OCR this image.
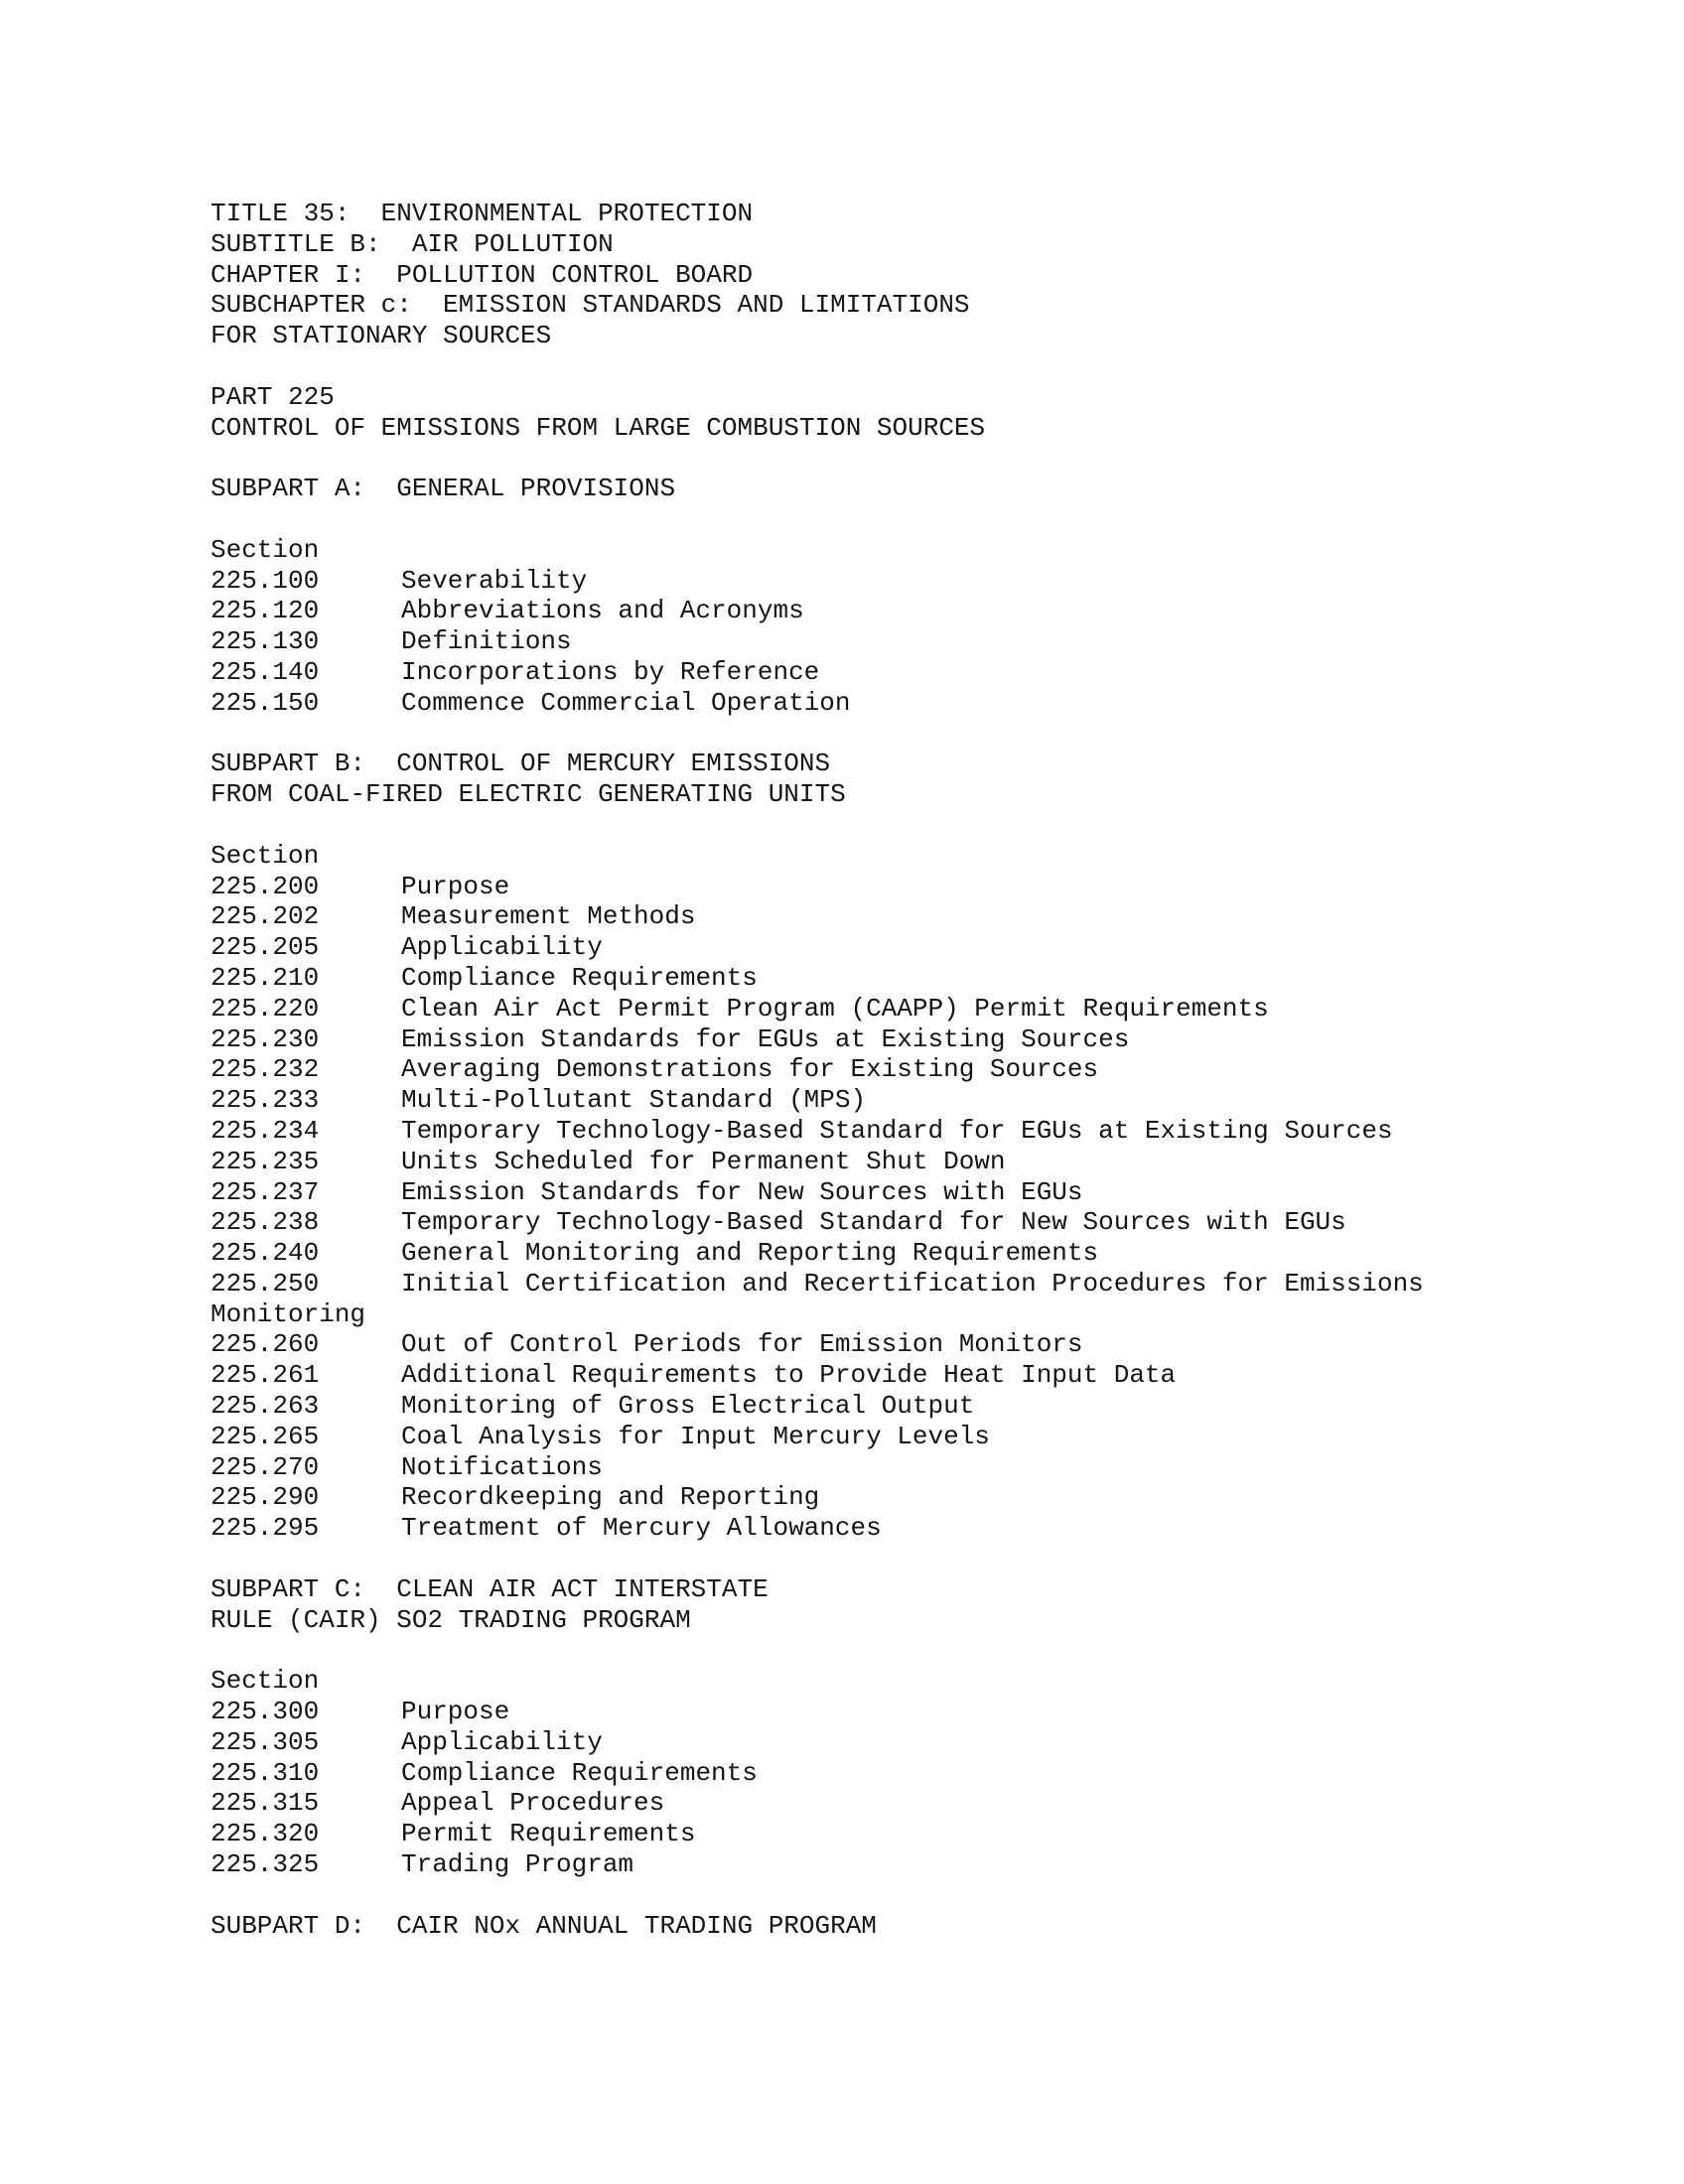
TITLE 35:  ENVIRONMENTAL PROTECTION
SUBTITLE B:  AIR POLLUTION
CHAPTER I:  POLLUTION CONTROL BOARD
SUBCHAPTER c:  EMISSION STANDARDS AND LIMITATIONS
FOR STATIONARY SOURCES
PART 225
CONTROL OF EMISSIONS FROM LARGE COMBUSTION SOURCES
SUBPART A:  GENERAL PROVISIONS
Section
225.100	Severability
225.120	Abbreviations and Acronyms
225.130	Definitions
225.140	Incorporations by Reference
225.150	Commence Commercial Operation
SUBPART B:  CONTROL OF MERCURY EMISSIONS
FROM COAL-FIRED ELECTRIC GENERATING UNITS
Section
225.200	Purpose
225.202	Measurement Methods
225.205	Applicability
225.210	Compliance Requirements
225.220	Clean Air Act Permit Program (CAAPP) Permit Requirements
225.230	Emission Standards for EGUs at Existing Sources
225.232	Averaging Demonstrations for Existing Sources
225.233	Multi-Pollutant Standard (MPS)
225.234	Temporary Technology-Based Standard for EGUs at Existing Sources
225.235	Units Scheduled for Permanent Shut Down
225.237	Emission Standards for New Sources with EGUs
225.238	Temporary Technology-Based Standard for New Sources with EGUs
225.240	General Monitoring and Reporting Requirements
225.250	Initial Certification and Recertification Procedures for Emissions
Monitoring
225.260	Out of Control Periods for Emission Monitors
225.261	Additional Requirements to Provide Heat Input Data
225.263	Monitoring of Gross Electrical Output
225.265	Coal Analysis for Input Mercury Levels
225.270	Notifications
225.290	Recordkeeping and Reporting
225.295	Treatment of Mercury Allowances
SUBPART C:  CLEAN AIR ACT INTERSTATE
RULE (CAIR) SO2 TRADING PROGRAM
Section
225.300	Purpose
225.305	Applicability
225.310	Compliance Requirements
225.315	Appeal Procedures
225.320	Permit Requirements
225.325	Trading Program
SUBPART D:  CAIR NOx ANNUAL TRADING PROGRAM
